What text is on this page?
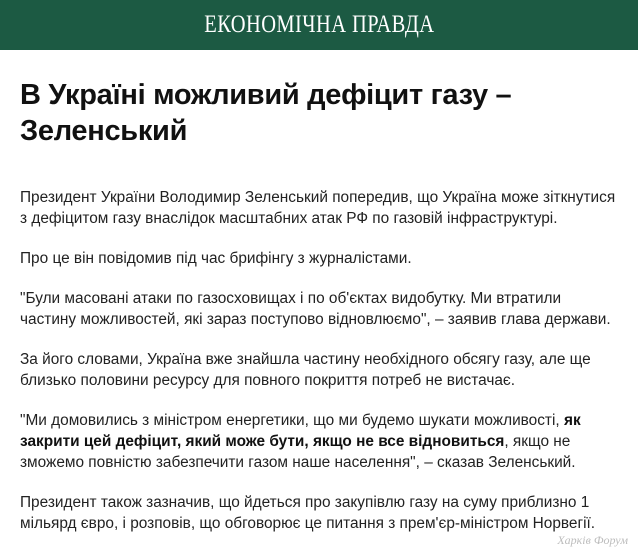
ЕКОНОМІЧНА ПРАВДА
В Україні можливий дефіцит газу – Зеленський

Президент України Володимир Зеленський попередив, що Україна може зіткнутися з дефіцитом газу внаслідок масштабних атак РФ по газовій інфраструктурі.

Про це він повідомив під час брифінгу з журналістами.

"Були масовані атаки по газосховищах і по об'єктах видобутку. Ми втратили частину можливостей, які зараз поступово відновлюємо", – заявив глава держави.

За його словами, Україна вже знайшла частину необхідного обсягу газу, але ще близько половини ресурсу для повного покриття потреб не вистачає.

"Ми домовились з міністром енергетики, що ми будемо шукати можливості, як закрити цей дефіцит, який може бути, якщо не все відновиться, якщо не зможемо повністю забезпечити газом наше населення", – сказав Зеленський.

Президент також зазначив, що йдеться про закупівлю газу на суму приблизно 1 мільярд євро, і розповів, що обговорює це питання з прем'єр-міністром Норвегії.

Харків Форум
